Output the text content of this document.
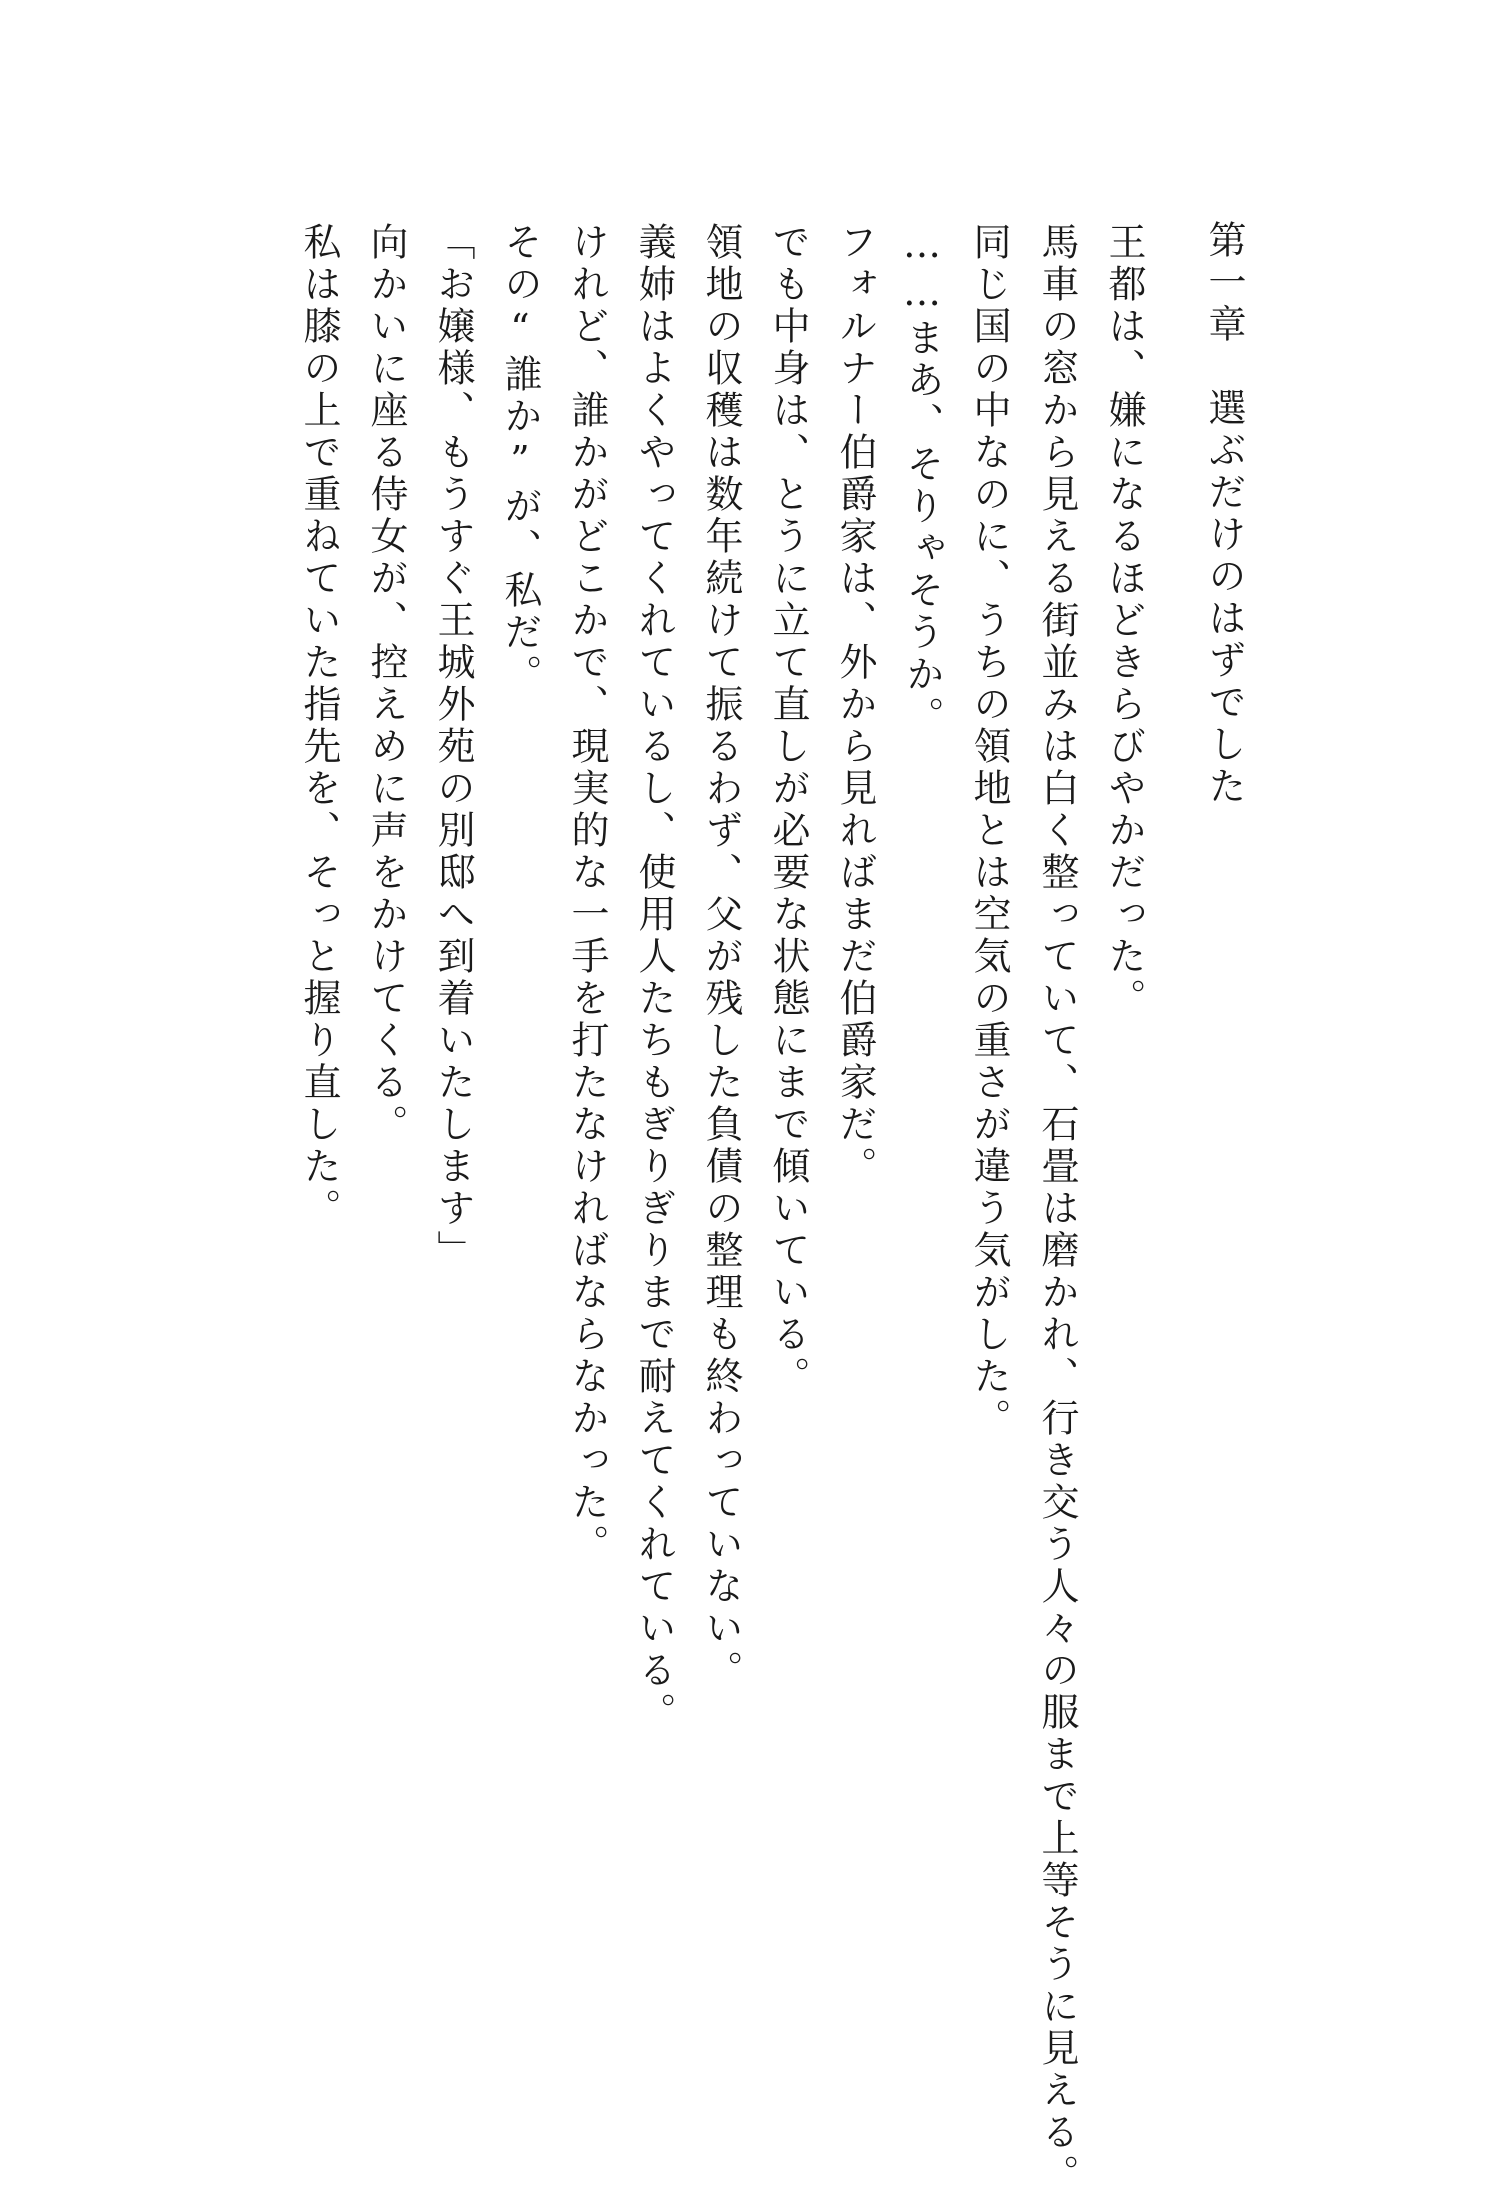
第一章　選ぶだけのはずでした
王都は、嫌になるほどきらびやかだった。
馬車の窓から見える街並みは白く整っていて、石畳は磨かれ、行き交う人々の服まで上等そうに見える。
同じ国の中なのに、うちの領地とは空気の重さが違う気がした。
……まあ、そりゃそうか。
フォルナー伯爵家は、外から見ればまだ伯爵家だ。
でも中身は、とうに立て直しが必要な状態にまで傾いている。
領地の収穫は数年続けて振るわず、父が残した負債の整理も終わっていない。
義姉はよくやってくれているし、使用人たちもぎりぎりまで耐えてくれている。
けれど、誰かがどこかで、現実的な一手を打たなければならなかった。
その“誰か”が、私だ。
「お嬢様、もうすぐ王城外苑の別邸へ到着いたします」
向かいに座る侍女が、控えめに声をかけてくる。
私は膝の上で重ねていた指先を、そっと握り直した。
